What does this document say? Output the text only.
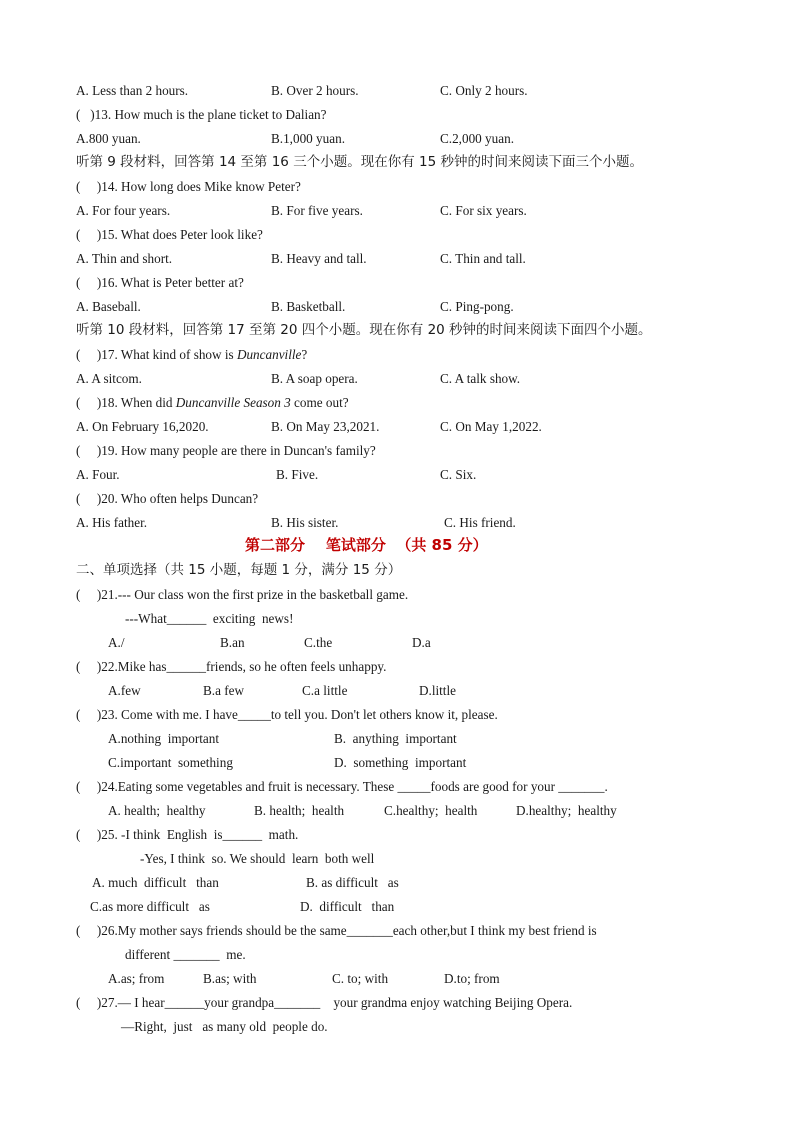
A. Less than 2 hours.	B. Over 2 hours.	C. Only 2 hours.
(   )13. How much is the plane ticket to Dalian?
A.800 yuan.	B.1,000 yuan.	C.2,000 yuan.
听第 9 段材料，回答第 14 至第 16 三个小题。现在你有 15 秒钟的时间来阅读下面三个小题。
(     )14. How long does Mike know Peter?
A. For four years.	B. For five years.	C. For six years.
(     )15. What does Peter look like?
A. Thin and short.	B. Heavy and tall.	C. Thin and tall.
(     )16. What is Peter better at?
A. Baseball.	B. Basketball.	C. Ping-pong.
听第 10 段材料，回答第 17 至第 20 四个小题。现在你有 20 秒钟的时间来阅读下面四个小题。
(     )17. What kind of show is Duncanville?
A. A sitcom.	B. A soap opera.	C. A talk show.
(     )18. When did Duncanville Season 3 come out?
A. On February 16,2020.	B. On May 23,2021.	C. On May 1,2022.
(     )19. How many people are there in Duncan's family?
A. Four.	B. Five.	C. Six.
(     )20. Who often helps Duncan?
A. His father.	B. His sister.	C. His friend.
第二部分    笔试部分  （共 85 分）
二、单项选择（共 15 小题，每题 1 分，满分 15 分）
(     )21.--- Our class won the first prize in the basketball game.
---What______  exciting  news!
A./	B.an	C.the	D.a
(     )22.Mike has______friends, so he often feels unhappy.
A.few	B.a few	C.a little	D.little
(     )23. Come with me. I have_____to tell you. Don't let others know it, please.
A.nothing  important	B.  anything  important
C.important  something	D.  something  important
(     )24.Eating some vegetables and fruit is necessary. These _____foods are good for your _______.
A. health;  healthy	B. health;  health	C.healthy;  health	D.healthy;  healthy
(     )25. -I think  English  is______  math.
-Yes, I think  so. We should  learn  both well
A. much  difficult   than	B. as difficult   as
C.as more difficult   as	D.  difficult   than
(     )26.My mother says friends should be the same_______each other,but I think my best friend is
different _______  me.
A.as; from	B.as; with	C. to; with	D.to; from
(     )27.— I hear______your grandpa_______    your grandma enjoy watching Beijing Opera.
—Right,  just   as many old  people do.
